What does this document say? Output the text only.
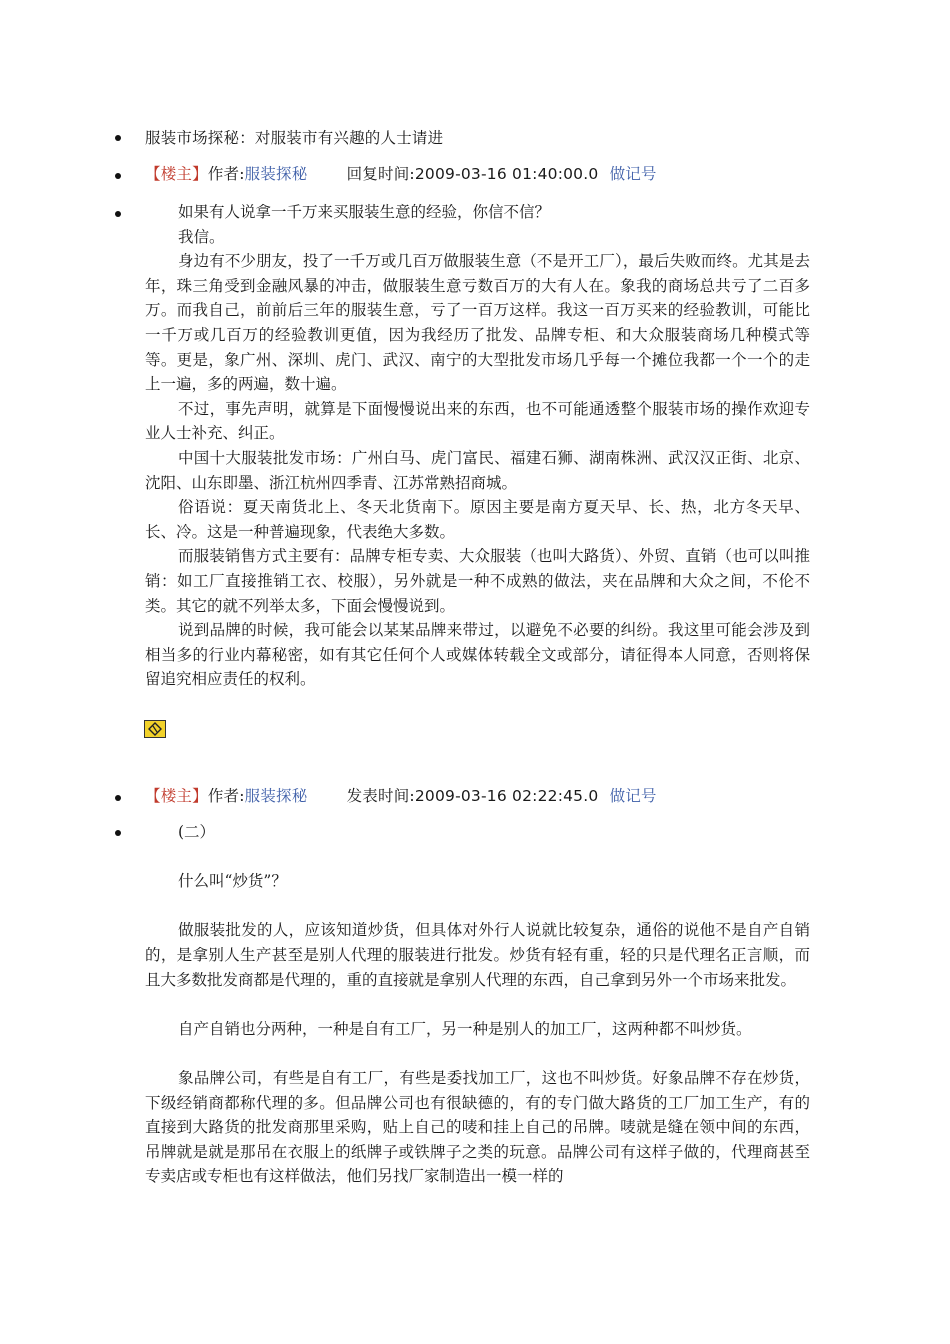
服装市场探秘：对服装市有兴趣的人士请进
【楼主】作者:服装探秘	回复时间:2009-03-16 01:40:00.0 做记号

如果有人说拿一千万来买服装生意的经验，你信不信？

我信。

身边有不少朋友，投了一千万或几百万做服装生意（不是开工厂），最后失败而终。尤其是去年，珠三角受到金融风暴的冲击，做服装生意亏数百万的大有人在。象我的商场总共亏了二百多万。而我自己，前前后三年的服装生意，亏了一百万这样。我这一百万买来的经验教训，可能比一千万或几百万的经验教训更值，因为我经历了批发、品牌专柜、和大众服装商场几种模式等等。更是，象广州、深圳、虎门、武汉、南宁的大型批发市场几乎每一个摊位我都一个一个的走上一遍，多的两遍，数十遍。

不过，事先声明，就算是下面慢慢说出来的东西，也不可能通透整个服装市场的操作欢迎专业人士补充、纠正。

中国十大服装批发市场：广州白马、虎门富民、福建石狮、湖南株洲、武汉汉正街、北京、沈阳、山东即墨、浙江杭州四季青、江苏常熟招商城。

俗语说：夏天南货北上、冬天北货南下。原因主要是南方夏天早、长、热，北方冬天早、长、冷。这是一种普遍现象，代表绝大多数。

而服装销售方式主要有：品牌专柜专卖、大众服装（也叫大路货）、外贸、直销（也可以叫推销：如工厂直接推销工衣、校服），另外就是一种不成熟的做法，夹在品牌和大众之间，不伦不类。其它的就不列举太多，下面会慢慢说到。

说到品牌的时候，我可能会以某某品牌来带过，以避免不必要的纠纷。我这里可能会涉及到相当多的行业内幕秘密，如有其它任何个人或媒体转载全文或部分，请征得本人同意，否则将保留追究相应责任的权利。

【楼主】作者:服装探秘	发表时间:2009-03-16 02:22:45.0 做记号

(二）

什么叫“炒货”？

做服装批发的人，应该知道炒货，但具体对外行人说就比较复杂，通俗的说他不是自产自销的，是拿别人生产甚至是别人代理的服装进行批发。炒货有轻有重，轻的只是代理名正言顺，而且大多数批发商都是代理的，重的直接就是拿别人代理的东西，自己拿到另外一个市场来批发。

自产自销也分两种，一种是自有工厂，另一种是别人的加工厂，这两种都不叫炒货。

象品牌公司，有些是自有工厂，有些是委找加工厂，这也不叫炒货。好象品牌不存在炒货，下级经销商都称代理的多。但品牌公司也有很缺德的，有的专门做大路货的工厂加工生产，有的直接到大路货的批发商那里采购，贴上自己的唛和挂上自己的吊牌。唛就是缝在领中间的东西，吊牌就是就是那吊在衣服上的纸牌子或铁牌子之类的玩意。品牌公司有这样子做的，代理商甚至专卖店或专柜也有这样做法，他们另找厂家制造出一模一样的
